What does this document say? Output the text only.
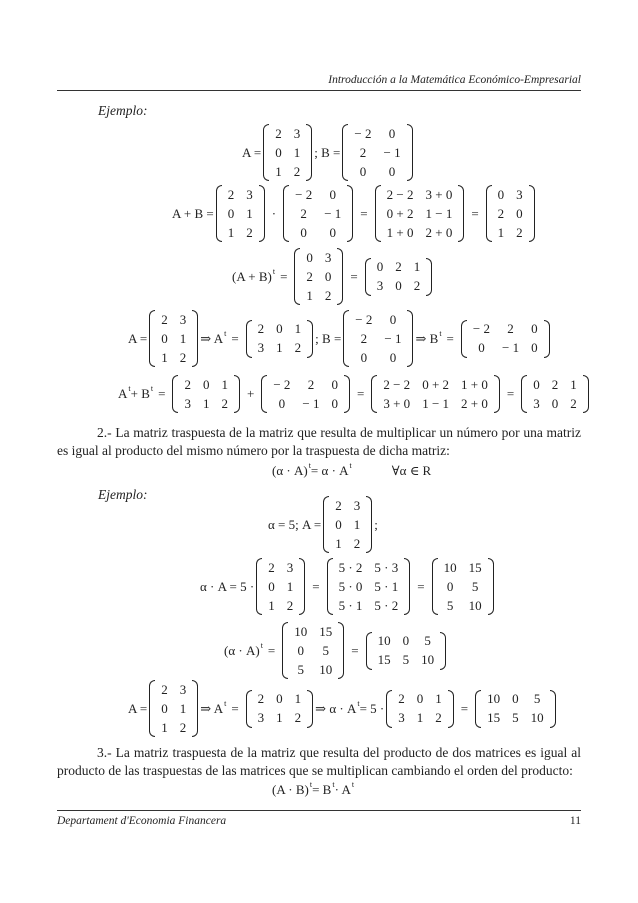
Introducción a la Matemática Económico-Empresarial
Ejemplo:
A =
2	3
0	1
1	2
; B =
− 2	0
2	− 1
0	0
A + B =
2	3
0	1
1	2
·
− 2	0
2	− 1
0	0
=
2 − 2	3 + 0
0 + 2	1 − 1
1 + 0	2 + 0
=
0	3
2	0
1	2
(A + B) t =
0	3
2	0
1	2
=
0	2	1
3	0	2
A =
2	3
0	1
1	2
⇒ A t =
2	0	1
3	1	2
; B =
− 2	0
2	− 1
0	0
⇒ B t =
− 2	2	0
0	− 1	0
A t + B t =
2	0	1
3	1	2
+
− 2	2	0
0	− 1	0
=
2 − 2	0 + 2	1 + 0
3 + 0	1 − 1	2 + 0
=
0	2	1
3	0	2
2.- La matriz traspuesta de la matriz que resulta de multiplicar un número por una matriz es igual al producto del mismo número por la traspuesta de dicha matriz:
(α · A) t = α · A t	∀α ∈ R
Ejemplo:
α = 5; A =
2	3
0	1
1	2
;
α · A = 5 ·
2	3
0	1
1	2
=
5 · 2	5 · 3
5 · 0	5 · 1
5 · 1	5 · 2
=
10	15
0	5
5	10
(α · A) t =
10	15
0	5
5	10
=
10	0	5
15	5	10
A =
2	3
0	1
1	2
⇒ A t =
2	0	1
3	1	2
⇒ α · A t = 5 ·
2	0	1
3	1	2
=
10	0	5
15	5	10
3.- La matriz traspuesta de la matriz que resulta del producto de dos matrices es igual al producto de las traspuestas de las matrices que se multiplican cambiando el orden del producto:
(A · B) t = B t · A t
Departament d'Economia Financera	11
